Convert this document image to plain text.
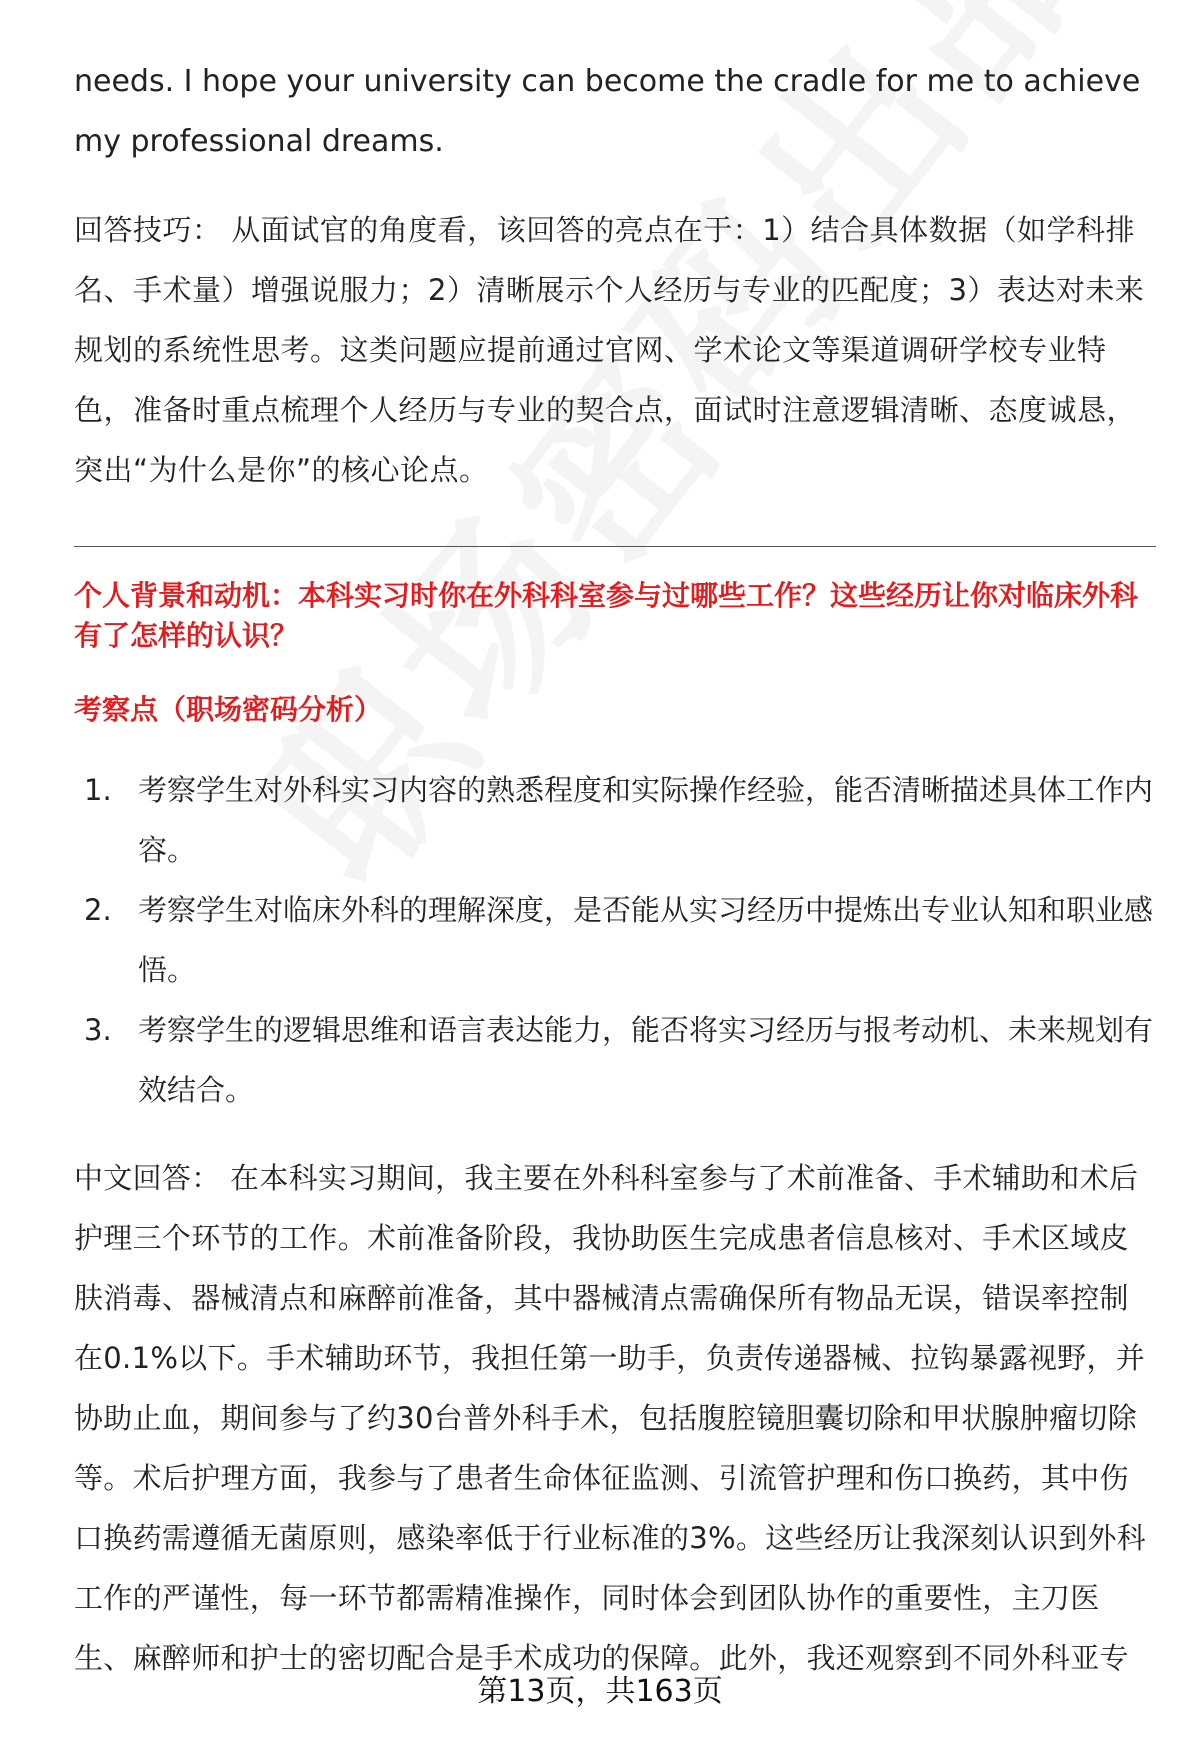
needs. I hope your university can become the cradle for me to achieve my professional dreams.
回答技巧： 从面试官的角度看，该回答的亮点在于：1）结合具体数据（如学科排名、手术量）增强说服力；2）清晰展示个人经历与专业的匹配度；3）表达对未来规划的系统性思考。这类问题应提前通过官网、学术论文等渠道调研学校专业特色，准备时重点梳理个人经历与专业的契合点，面试时注意逻辑清晰、态度诚恳，突出“为什么是你”的核心论点。
个人背景和动机：本科实习时你在外科科室参与过哪些工作？这些经历让你对临床外科有了怎样的认识？
考察点（职场密码分析）
1. 考察学生对外科实习内容的熟悉程度和实际操作经验，能否清晰描述具体工作内容。
2. 考察学生对临床外科的理解深度，是否能从实习经历中提炼出专业认知和职业感悟。
3. 考察学生的逻辑思维和语言表达能力，能否将实习经历与报考动机、未来规划有效结合。
中文回答： 在本科实习期间，我主要在外科科室参与了术前准备、手术辅助和术后护理三个环节的工作。术前准备阶段，我协助医生完成患者信息核对、手术区域皮肤消毒、器械清点和麻醉前准备，其中器械清点需确保所有物品无误，错误率控制在0.1%以下。手术辅助环节，我担任第一助手，负责传递器械、拉钩暴露视野，并协助止血，期间参与了约30台普外科手术，包括腹腔镜胆囊切除和甲状腺肿瘤切除等。术后护理方面，我参与了患者生命体征监测、引流管护理和伤口换药，其中伤口换药需遵循无菌原则，感染率低于行业标准的3%。这些经历让我深刻认识到外科工作的严谨性，每一环节都需精准操作，同时体会到团队协作的重要性，主刀医生、麻醉师和护士的密切配合是手术成功的保障。此外，我还观察到不同外科亚专
第13页，共163页
